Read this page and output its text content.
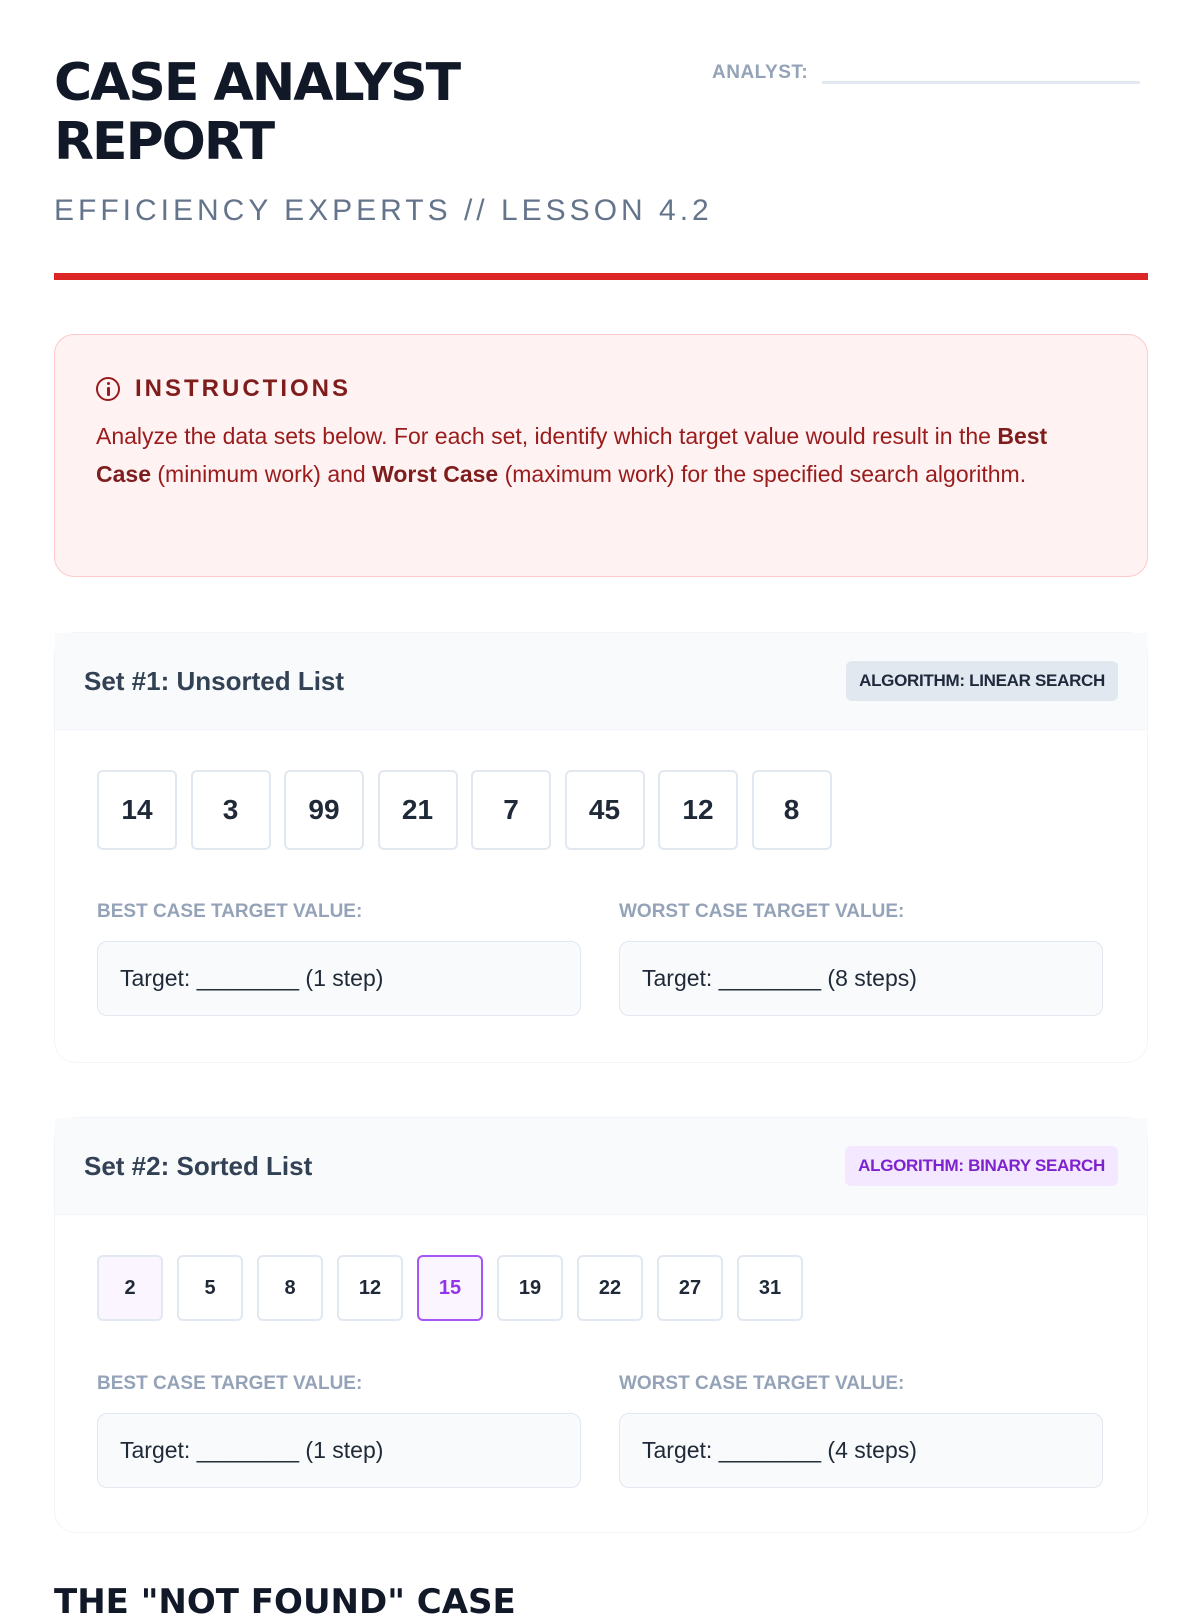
CASE ANALYST REPORT
EFFICIENCY EXPERTS // LESSON 4.2
ANALYST:
INSTRUCTIONS

Analyze the data sets below. For each set, identify which target value would result in the Best Case (minimum work) and Worst Case (maximum work) for the specified search algorithm.

Set #1: Unsorted List	ALGORITHM: LINEAR SEARCH
14	3	99	21	7	45	12	8
BEST CASE TARGET VALUE:
Target: ________ (1 step)
WORST CASE TARGET VALUE:
Target: ________ (8 steps)
Set #2: Sorted List	ALGORITHM: BINARY SEARCH
2	5	8	12	15	19	22	27	31
BEST CASE TARGET VALUE:
Target: ________ (1 step)
WORST CASE TARGET VALUE:
Target: ________ (4 steps)
THE "NOT FOUND" CASE
